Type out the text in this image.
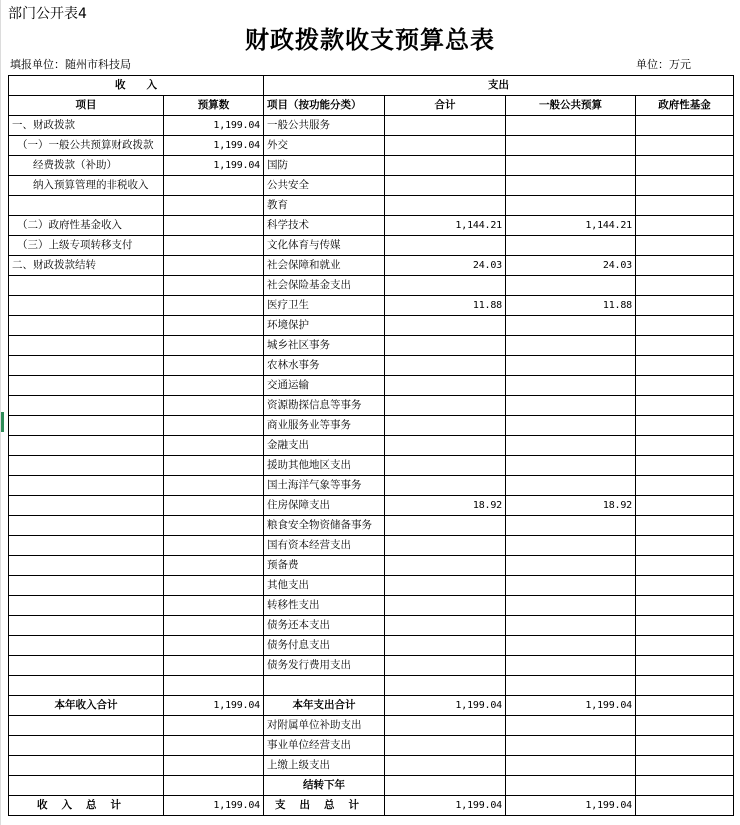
部门公开表4
财政拨款收支预算总表
填报单位：随州市科技局	单位：万元
收　　入		支出			
项目	预算数	项目（按功能分类）	合计	一般公共预算	政府性基金
一、财政拨款	1,199.04	一般公共服务			
（一）一般公共预算财政拨款	1,199.04	外交			
经费拨款（补助）	1,199.04	国防			
纳入预算管理的非税收入		公共安全			
		教育			
（二）政府性基金收入		科学技术	1,144.21	1,144.21	
（三）上级专项转移支付		文化体育与传媒			
二、财政拨款结转		社会保障和就业	24.03	24.03	
		社会保险基金支出			
		医疗卫生	11.88	11.88	
		环境保护			
		城乡社区事务			
		农林水事务			
		交通运输			
		资源勘探信息等事务			
		商业服务业等事务			
		金融支出			
		援助其他地区支出			
		国土海洋气象等事务			
		住房保障支出	18.92	18.92	
		粮食安全物资储备事务			
		国有资本经营支出			
		预备费			
		其他支出			
		转移性支出			
		债务还本支出			
		债务付息支出			
		债务发行费用支出			

本年收入合计	1,199.04	本年支出合计	1,199.04	1,199.04	
		对附属单位补助支出			
		事业单位经营支出			
		上缴上级支出			
		结转下年			
收入总计	1,199.04	支出总计	1,199.04	1,199.04	
